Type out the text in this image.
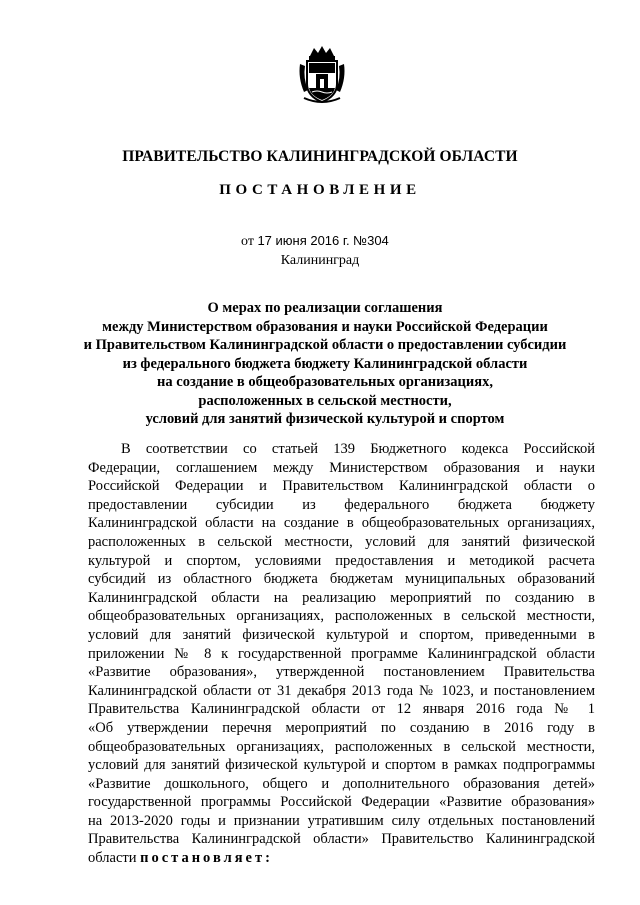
ПРАВИТЕЛЬСТВО КАЛИНИНГРАДСКОЙ ОБЛАСТИ
ПОСТАНОВЛЕНИЕ
от 17 июня 2016 г. №304
Калининград
О мерах по реализации соглашения
между Министерством образования и науки Российской Федерации
и Правительством Калининградской области о предоставлении субсидии
из федерального бюджета бюджету Калининградской области
на создание в общеобразовательных организациях,
расположенных в сельской местности,
условий для занятий физической культурой и спортом
В соответствии со статьей 139 Бюджетного кодекса Российской
Федерации, соглашением между Министерством образования и науки
Российской Федерации и Правительством Калининградской области о
предоставлении субсидии из федерального бюджета бюджету
Калининградской области на создание в общеобразовательных организациях,
расположенных в сельской местности, условий для занятий физической
культурой и спортом, условиями предоставления и методикой расчета
субсидий из областного бюджета бюджетам муниципальных образований
Калининградской области на реализацию мероприятий по созданию в
общеобразовательных организациях, расположенных в сельской местности,
условий для занятий физической культурой и спортом, приведенными в
приложении № 8 к государственной программе Калининградской области
«Развитие образования», утвержденной постановлением Правительства
Калининградской области от 31 декабря 2013 года № 1023, и постановлением
Правительства Калининградской области от 12 января 2016 года № 1
«Об утверждении перечня мероприятий по созданию в 2016 году в
общеобразовательных организациях, расположенных в сельской местности,
условий для занятий физической культурой и спортом в рамках подпрограммы
«Развитие дошкольного, общего и дополнительного образования детей»
государственной программы Российской Федерации «Развитие образования»
на 2013-2020 годы и признании утратившим силу отдельных постановлений
Правительства Калининградской области» Правительство Калининградской
области постановляет:
